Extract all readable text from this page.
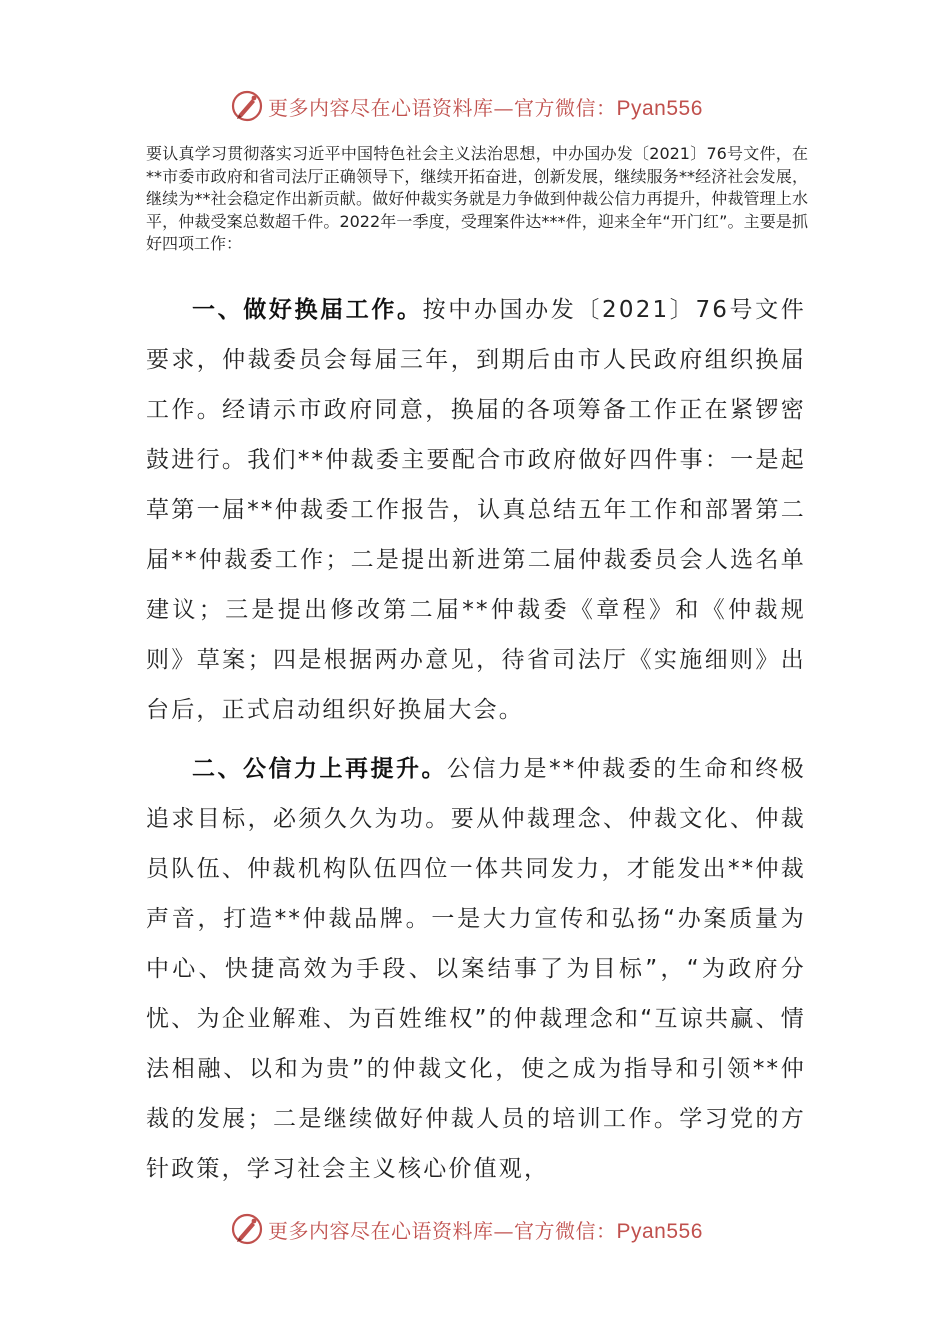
更多内容尽在心语资料库—官方微信：Pyan556
要认真学习贯彻落实习近平中国特色社会主义法治思想，中办国办发〔2021〕76号文件，在**市委市政府和省司法厅正确领导下，继续开拓奋进，创新发展，继续服务**经济社会发展，继续为**社会稳定作出新贡献。做好仲裁实务就是力争做到仲裁公信力再提升，仲裁管理上水平，仲裁受案总数超千件。2022年一季度，受理案件达***件，迎来全年“开门红”。主要是抓好四项工作：
一、做好换届工作。按中办国办发〔2021〕76号文件要求，仲裁委员会每届三年，到期后由市人民政府组织换届工作。经请示市政府同意，换届的各项筹备工作正在紧锣密鼓进行。我们**仲裁委主要配合市政府做好四件事：一是起草第一届**仲裁委工作报告，认真总结五年工作和部署第二届**仲裁委工作；二是提出新进第二届仲裁委员会人选名单建议；三是提出修改第二届**仲裁委《章程》和《仲裁规则》草案；四是根据两办意见，待省司法厅《实施细则》出台后，正式启动组织好换届大会。
二、公信力上再提升。公信力是**仲裁委的生命和终极追求目标，必须久久为功。要从仲裁理念、仲裁文化、仲裁员队伍、仲裁机构队伍四位一体共同发力，才能发出**仲裁声音，打造**仲裁品牌。一是大力宣传和弘扬“办案质量为中心、快捷高效为手段、以案结事了为目标”，“为政府分忧、为企业解难、为百姓维权”的仲裁理念和“互谅共赢、情法相融、以和为贵”的仲裁文化，使之成为指导和引领**仲裁的发展；二是继续做好仲裁人员的培训工作。学习党的方针政策，学习社会主义核心价值观，
更多内容尽在心语资料库—官方微信：Pyan556
